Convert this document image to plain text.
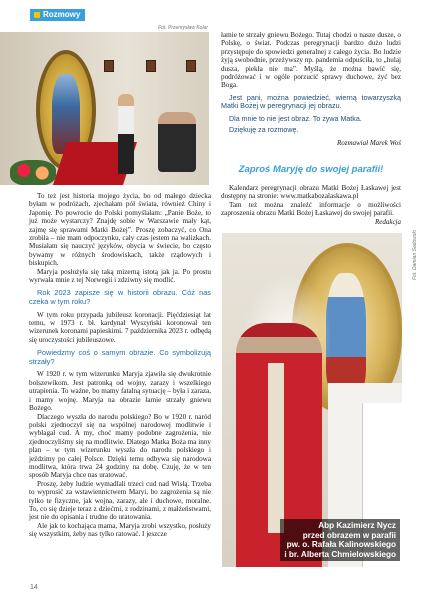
Rozmowy
Fot. Przemysław Kolar

To też jest historia mojego życia, bo od małego dziecka byłam w podróżach, zjechałam pół świata, również Chiny i Japonię. Po powrocie do Polski pomyślałam: „Panie Boże, to już może wystarczy? Znajdę sobie w Warszawie mały kąt, zajmę się sprawami Matki Bożej”. Proszę zobaczyć, co Ona zrobiła – nie mam odpoczynku, cały czas jestem na walizkach. Musiałam się nauczyć języków, obycia w świecie, bo często bywamy w różnych środowiskach, także rządowych i biskupich.

Maryja posłużyła się taką mizerną istotą jak ja. Po prostu wyrwała mnie z tej Norwegii i zdziwny się modlić.

Rok 2023 zapisze się w historii obrazu. Cóż nas czeka w tym roku?

W tym roku przypada jubileusz koronacji. Pięćdziesiąt lat temu, w 1973 r. bł. kardynał Wyszyński koronował ten wizerunek koronami papieskimi. 7 października 2023 r. odbędą się uroczystości jubileuszowe.

Powiedzmy coś o samym obrazie. Co symbolizują strzały?

W 1920 r. w tym wizerunku Maryja zjawiła się dwukrotnie bolszewikom. Jest patronką od wojny, zarazy i wszelkiego utrapienia. To ważne, bo mamy fatalną sytuację – była i zaraza, i mamy wojnę. Maryja na obrazie łamie strzały gniewu Bożego.

Dlaczego wyszła do narodu polskiego? Bo w 1920 r. naród polski zjednoczył się na wspólnej narodowej modlitwie i wybłagał cud. A my, choć mamy podobne zagrożenia, nie zjednoczyliśmy się na modlitwie. Dlatego Matka Boża ma inny plan – w tym wizerunku wyszła do narodu polskiego i jeździmy po całej Polsce. Dzięki temu odbywa się narodowa modlitwa, która trwa 24 godziny na dobę. Czuję, że w ten sposób Maryja chce nas uratować.

Proszę, żeby ludzie wymadlali trzeci cud nad Wisłą. Trzeba to wyprosić za wstawiennictwem Maryi, bo zagrożenia są nie tylko te fizyczne, jak wojna, zarazy, ale i duchowe, moralne. To, co się dzieje teraz z dziećmi, z rodzinami, z małżeństwami, jest nie do opisania i trudne do uratowania.

Ale jak to kochająca mama, Maryja zrobi wszystko, posłuży się wszystkim, żeby nas tylko ratować. I jeszcze

łamie te strzały gniewu Bożego. Tutaj chodzi o nasze dusze, o Polskę, o świat. Podczas peregrynacji bardzo dużo ludzi przystępuje do spowiedzi generalnej z całego życia. Bo ludzie żyją swobodnie, przeżywszy np. pandemia odpuściła, to „hulaj dusza, piekła nie ma”. Myślą, że można bawić się, podróżować i w ogóle porzucić sprawy duchowe, żyć bez Boga.

Jest pani, można powiedzieć, wierną towarzyszką Matki Bożej w peregrynacji jej obrazu.
Dla mnie to nie jest obraz. To żywa Matka.
Dziękuję za rozmowę.
Rozmawiał Marek Woś
Zaproś Maryję do swojej parafii!

Kalendarz peregrynacji obrazu Matki Bożej Łaskawej jest dostępny na stronie: www.matkabozalaskawa.pl

Tam też można znaleźć informacje o możliwości zaproszenia obrazu Matki Bożej Łaskawej do swojej parafii.

Redakcja
Fot. Damian Sadowski
Abp Kazimierz Nycz
przed obrazem w parafii
pw. o. Rafała Kalinowskiego
i br. Alberta Chmielowskiego
14
